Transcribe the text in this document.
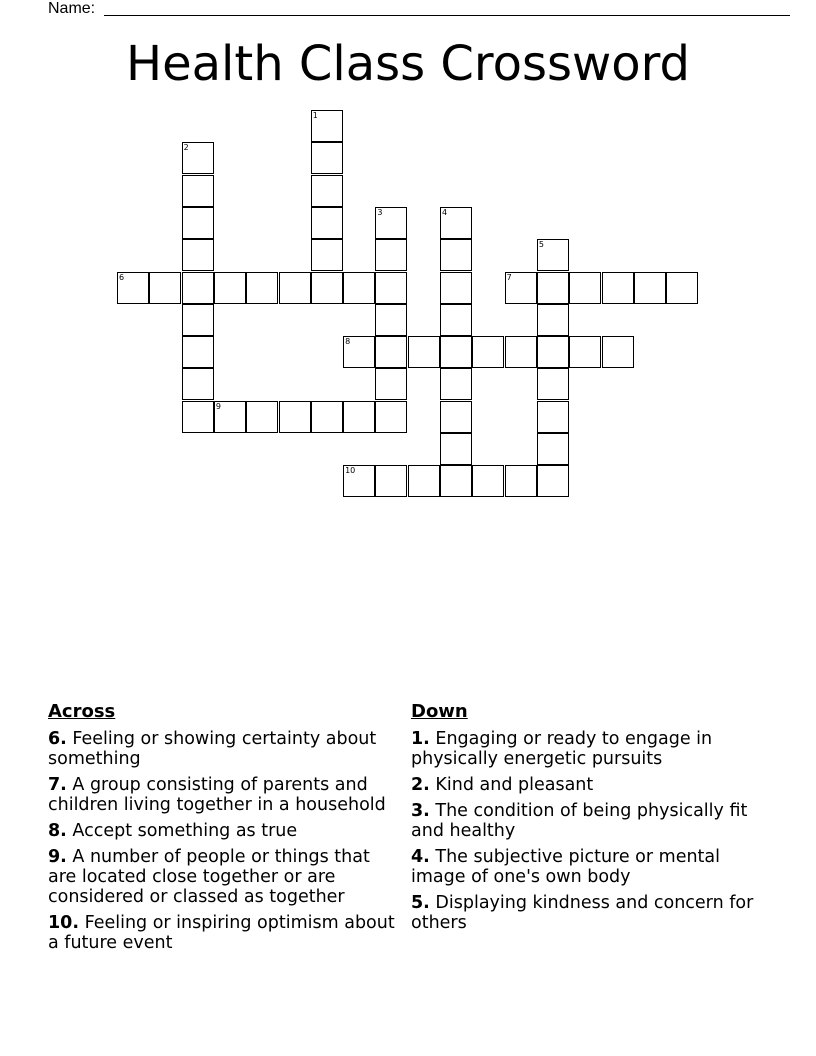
Name:
Health Class Crossword
1
2
3	4
5
6	7
8
9
10
Across
6. Feeling or showing certainty about something
7. A group consisting of parents and children living together in a household
8. Accept something as true
9. A number of people or things that are located close together or are considered or classed as together
10. Feeling or inspiring optimism about a future event
Down
1. Engaging or ready to engage in physically energetic pursuits
2. Kind and pleasant
3. The condition of being physically fit and healthy
4. The subjective picture or mental image of one's own body
5. Displaying kindness and concern for others
